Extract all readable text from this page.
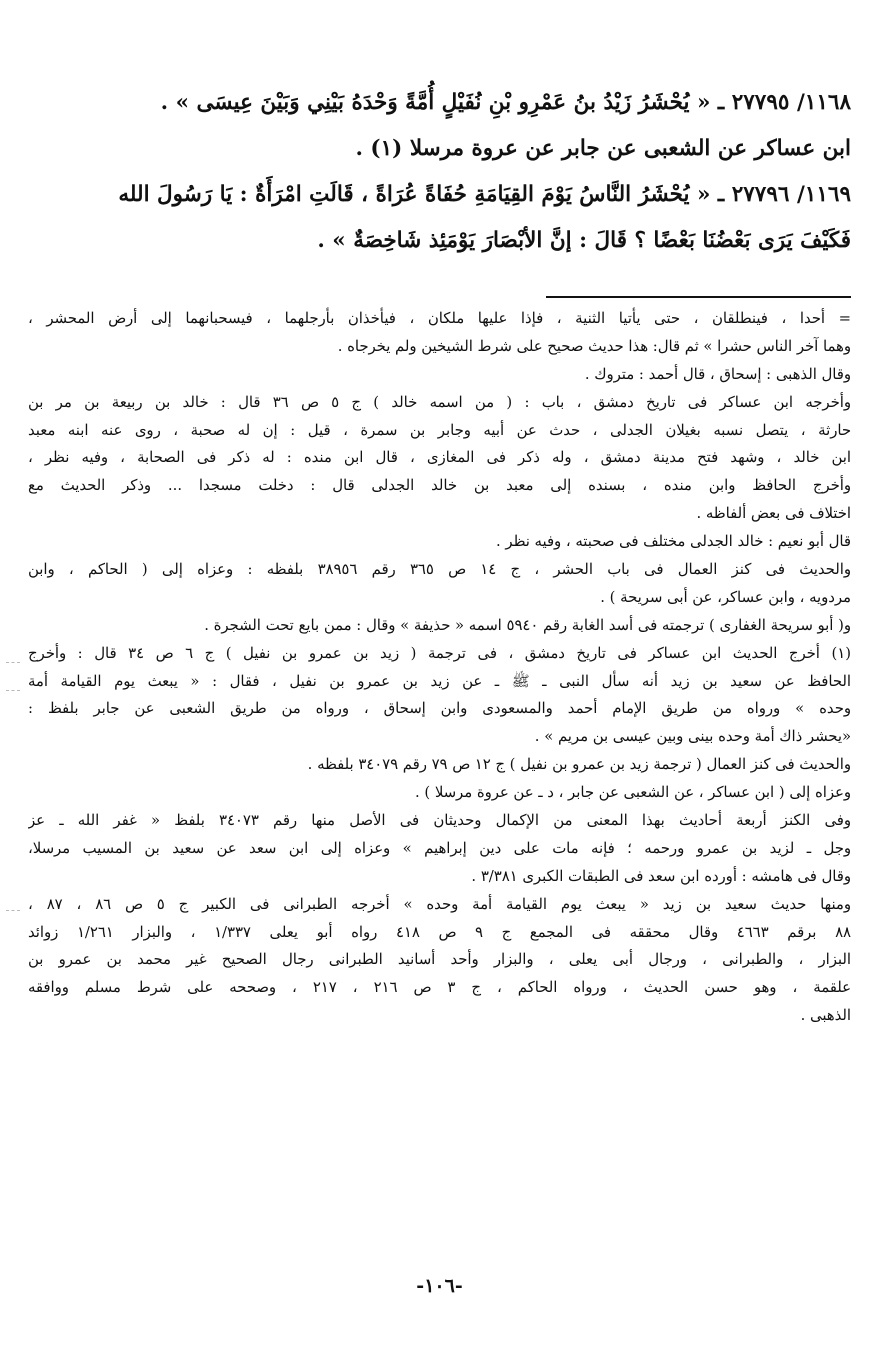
١١٦٨/ ٢٧٧٩٥ ـ « يُحْشَرُ زَيْدُ بنُ عَمْرِو بْنِ نُفَيْلٍ أُمَّةً وَحْدَهُ بَيْنِي وَبَيْنَ عِيسَى » .
ابن عساكر عن الشعبى عن جابر عن عروة مرسلا (١) .
١١٦٩/ ٢٧٧٩٦ ـ « يُحْشَرُ النَّاسُ يَوْمَ القِيَامَةِ حُفَاةً عُرَاةً ، قَالَتِ امْرَأَةٌ : يَا رَسُولَ الله
فَكَيْفَ يَرَى بَعْضُنَا بَعْضًا ؟ قَالَ : إنَّ الأبْصَارَ يَوْمَئِذ شَاخِصَةٌ » .
= أحدا ، فينطلقان ، حتى يأتيا الثنية ، فإذا عليها ملكان ، فيأخذان بأرجلهما ، فيسحبانهما إلى أرض المحشر ،
وهما آخر الناس حشرا » ثم قال: هذا حديث صحيح على شرط الشيخين ولم يخرجاه .
وقال الذهبى : إسحاق ، قال أحمد : متروك .
وأخرجه ابن عساكر فى تاريخ دمشق ، باب : ( من اسمه خالد ) ج ٥ ص ٣٦ قال : خالد بن ربيعة بن مر بن
حارثة ، يتصل نسبه بغيلان الجدلى ، حدث عن أبيه وجابر بن سمرة ، قيل : إن له صحبة ، روى عنه ابنه معبد
ابن خالد ، وشهد فتح مدينة دمشق ، وله ذكر فى المغازى ، قال ابن منده : له ذكر فى الصحابة ، وفيه نظر ،
وأخرج الحافظ وابن منده ، بسنده إلى معبد بن خالد الجدلى قال : دخلت مسجدا ... وذكر الحديث مع
اختلاف فى بعض ألفاظه .
قال أبو نعيم : خالد الجدلى مختلف فى صحبته ، وفيه نظر .
والحديث فى كنز العمال فى باب الحشر ، ج ١٤ ص ٣٦٥ رقم ٣٨٩٥٦ بلفظه : وعزاه إلى ( الحاكم ، وابن
مردويه ، وابن عساكر، عن أبى سريحة ) .
و( أبو سريحة الغفارى ) ترجمته فى أسد الغابة رقم ٥٩٤٠ اسمه « حذيفة » وقال : ممن بايع تحت الشجرة .
(١) أخرج الحديث ابن عساكر فى تاريخ دمشق ، فى ترجمة ( زيد بن عمرو بن نفيل ) ج ٦ ص ٣٤ قال : وأخرج
الحافظ عن سعيد بن زيد أنه سأل النبى ـ ﷺ ـ عن زيد بن عمرو بن نفيل ، فقال : « يبعث يوم القيامة أمة
وحده » ورواه من طريق الإمام أحمد والمسعودى وابن إسحاق ، ورواه من طريق الشعبى عن جابر بلفظ :
«يحشر ذاك أمة وحده بينى وبين عيسى بن مريم » .
والحديث فى كنز العمال ( ترجمة زيد بن عمرو بن نفيل ) ج ١٢ ص ٧٩ رقم ٣٤٠٧٩ بلفظه .
وعزاه إلى ( ابن عساكر ، عن الشعبى عن جابر ، د ـ عن عروة مرسلا ) .
وفى الكنز أربعة أحاديث بهذا المعنى من الإكمال وحديثان فى الأصل منها رقم ٣٤٠٧٣ بلفظ « غفر الله ـ عز
وجل ـ لزيد بن عمرو ورحمه ؛ فإنه مات على دين إبراهيم » وعزاه إلى ابن سعد عن سعيد بن المسيب مرسلا،
وقال فى هامشه : أورده ابن سعد فى الطبقات الكبرى ٣/٣٨١ .
ومنها حديث سعيد بن زيد « يبعث يوم القيامة أمة وحده » أخرجه الطبرانى فى الكبير ج ٥ ص ٨٦ ، ٨٧ ،
٨٨ برقم ٤٦٦٣ وقال محققه فى المجمع ج ٩ ص ٤١٨ رواه أبو يعلى ١/٣٣٧ ، والبزار ١/٢٦١ زوائد
البزار ، والطبرانى ، ورجال أبى يعلى ، والبزار وأحد أسانيد الطبرانى رجال الصحيح غير محمد بن عمرو بن
علقمة ، وهو حسن الحديث ، ورواه الحاكم ، ج ٣ ص ٢١٦ ، ٢١٧ ، وصححه على شرط مسلم ووافقه
الذهبى .
-١٠٦-
